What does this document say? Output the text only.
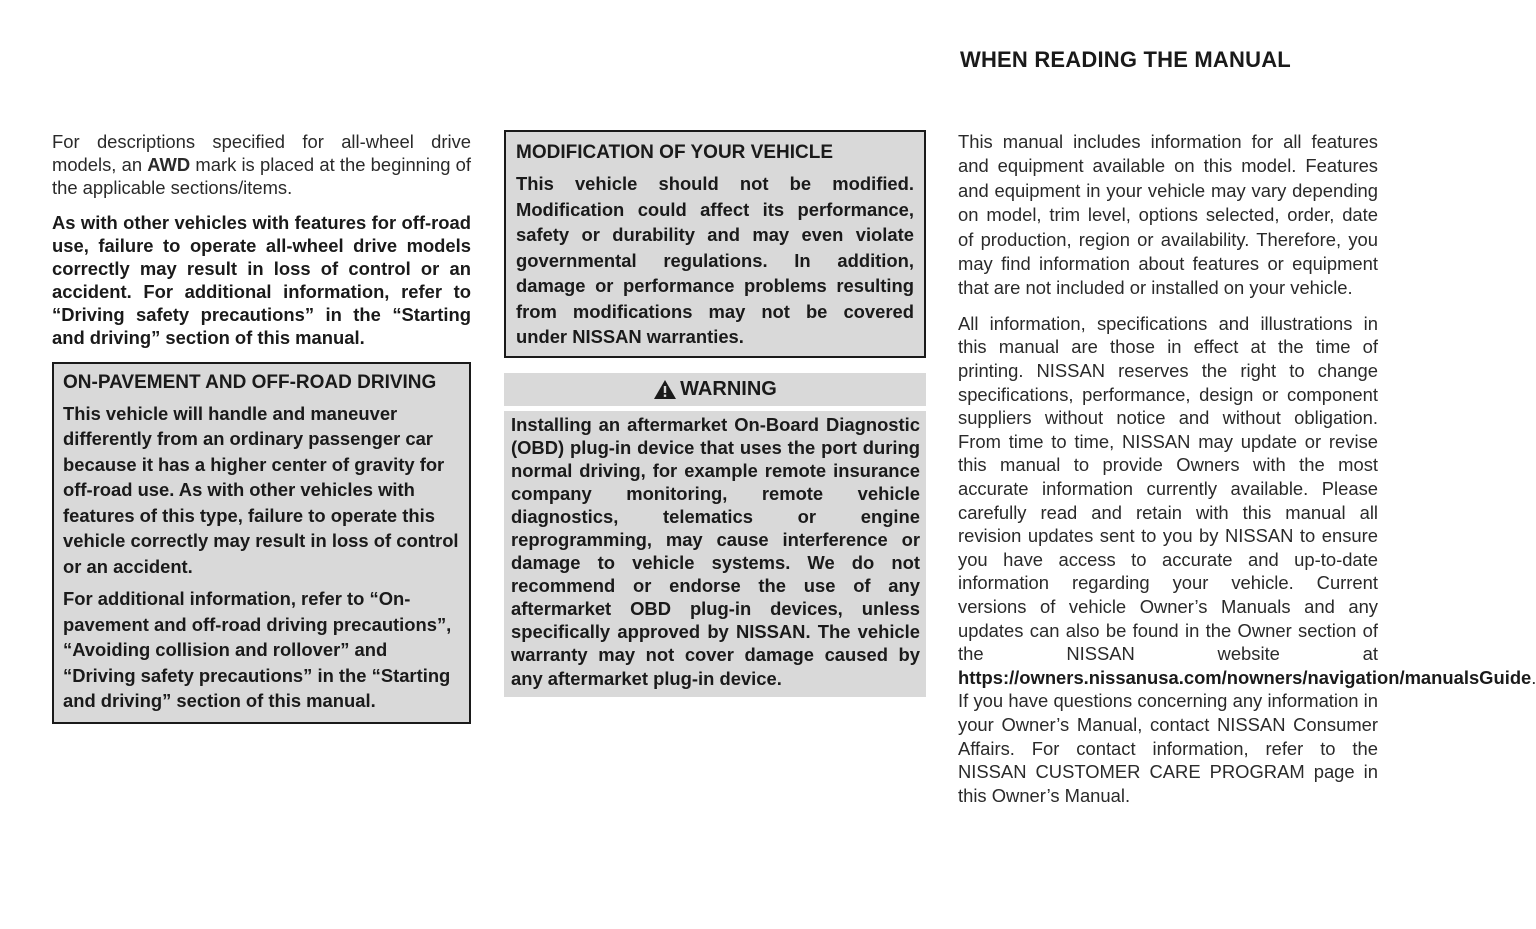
WHEN READING THE MANUAL

For descriptions specified for all-wheel drive models, an AWD mark is placed at the beginning of the applicable sections/items.

As with other vehicles with features for off-road use, failure to operate all-wheel drive models correctly may result in loss of control or an accident. For additional information, refer to “Driving safety precautions” in the “Starting and driving” section of this manual.

ON-PAVEMENT AND OFF-ROAD DRIVING

This vehicle will handle and maneuver differently from an ordinary passenger car because it has a higher center of gravity for off-road use. As with other vehicles with features of this type, failure to operate this vehicle correctly may result in loss of control or an accident.

For additional information, refer to “On-pavement and off-road driving precautions”, “Avoiding collision and rollover” and “Driving safety precautions” in the “Starting and driving” section of this manual.

MODIFICATION OF YOUR VEHICLE

This vehicle should not be modified. Modification could affect its performance, safety or durability and may even violate governmental regulations. In addition, damage or performance problems resulting from modifications may not be covered under NISSAN warranties.

WARNING

Installing an aftermarket On-Board Diagnostic (OBD) plug-in device that uses the port during normal driving, for example remote insurance company monitoring, remote vehicle diagnostics, telematics or engine reprogramming, may cause interference or damage to vehicle systems. We do not recommend or endorse the use of any aftermarket OBD plug-in devices, unless specifically approved by NISSAN. The vehicle warranty may not cover damage caused by any aftermarket plug-in device.

This manual includes information for all features and equipment available on this model. Features and equipment in your vehicle may vary depending on model, trim level, options selected, order, date of production, region or availability. Therefore, you may find information about features or equipment that are not included or installed on your vehicle.

All information, specifications and illustrations in this manual are those in effect at the time of printing. NISSAN reserves the right to change specifications, performance, design or component suppliers without notice and without obligation. From time to time, NISSAN may update or revise this manual to provide Owners with the most accurate information currently available. Please carefully read and retain with this manual all revision updates sent to you by NISSAN to ensure you have access to accurate and up-to-date information regarding your vehicle. Current versions of vehicle Owner’s Manuals and any updates can also be found in the Owner section of the NISSAN website at https://owners.nissanusa.com/nowners/navigation/manualsGuide. If you have questions concerning any information in your Owner’s Manual, contact NISSAN Consumer Affairs. For contact information, refer to the NISSAN CUSTOMER CARE PROGRAM page in this Owner’s Manual.
